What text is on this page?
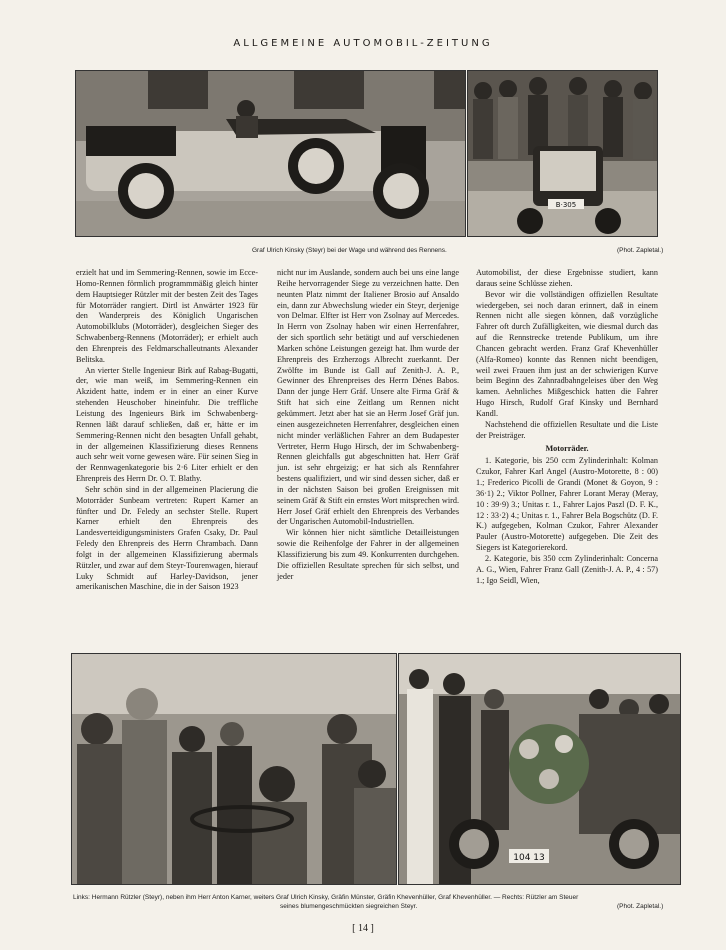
ALLGEMEINE AUTOMOBIL-ZEITUNG
B·305
Graf Ulrich Kinsky (Steyr) bei der Wage und während des Rennens.	(Phot. Zapletal.)

erzielt hat und im Semmering-Rennen, sowie im Ecce-Homo-Rennen förmlich programmmäßig gleich hinter dem Hauptsieger Rützler mit der besten Zeit des Tages für Motorräder rangiert. Dirtl ist Anwärter 1923 für den Wanderpreis des Königlich Ungarischen Automobilklubs (Motorräder), desgleichen Sieger des Schwabenberg-Rennens (Motorräder); er erhielt auch den Ehrenpreis des Feldmarschalleutnants Alexander Belitska.

An vierter Stelle Ingenieur Birk auf Rabag-Bugatti, der, wie man weiß, im Semmering-Rennen ein Akzident hatte, indem er in einer an einer Kurve stehenden Heuschober hineinfuhr. Die treffliche Leistung des Ingenieurs Birk im Schwabenberg-Rennen läßt darauf schließen, daß er, hätte er im Semmering-Rennen nicht den besagten Unfall gehabt, in der allgemeinen Klassifizierung dieses Rennens auch sehr weit vorne gewesen wäre. Für seinen Sieg in der Rennwagenkategorie bis 2·6 Liter erhielt er den Ehrenpreis des Herrn Dr. O. T. Blathy.

Sehr schön sind in der allgemeinen Placierung die Motorräder Sunbeam vertreten: Rupert Karner an fünfter und Dr. Feledy an sechster Stelle. Rupert Karner erhielt den Ehrenpreis des Landesverteidigungsministers Grafen Csaky, Dr. Paul Feledy den Ehrenpreis des Herrn Chrambach. Dann folgt in der allgemeinen Klassifizierung abermals Rützler, und zwar auf dem Steyr-Tourenwagen, hierauf Luky Schmidt auf Harley-Davidson, jener amerikanischen Maschine, die in der Saison 1923

nicht nur im Auslande, sondern auch bei uns eine lange Reihe hervorragender Siege zu verzeichnen hatte. Den neunten Platz nimmt der Italiener Brosio auf Ansaldo ein, dann zur Abwechslung wieder ein Steyr, derjenige von Delmar. Elfter ist Herr von Zsolnay auf Mercedes. In Herrn von Zsolnay haben wir einen Herrenfahrer, der sich sportlich sehr betätigt und auf verschiedenen Marken schöne Leistungen gezeigt hat. Ihm wurde der Ehrenpreis des Erzherzogs Albrecht zuerkannt. Der Zwölfte im Bunde ist Gall auf Zenith-J. A. P., Gewinner des Ehrenpreises des Herrn Dénes Babos. Dann der junge Herr Gräf. Unsere alte Firma Gräf & Stift hat sich eine Zeitlang um Rennen nicht gekümmert. Jetzt aber hat sie an Herrn Josef Gräf jun. einen ausgezeichneten Herrenfahrer, desgleichen einen nicht minder verläßlichen Fahrer an dem Budapester Vertreter, Herrn Hugo Hirsch, der im Schwabenberg-Rennen gleichfalls gut abgeschnitten hat. Herr Gräf jun. ist sehr ehrgeizig; er hat sich als Rennfahrer bestens qualifiziert, und wir sind dessen sicher, daß er in der nächsten Saison bei großen Ereignissen mit seinem Gräf & Stift ein ernstes Wort mitsprechen wird. Herr Josef Gräf erhielt den Ehrenpreis des Verbandes der Ungarischen Automobil-Industriellen.

Wir können hier nicht sämtliche Detailleistungen sowie die Reihenfolge der Fahrer in der allgemeinen Klassifizierung bis zum 49. Konkurrenten durchgehen. Die offiziellen Resultate sprechen für sich selbst, und jeder

Automobilist, der diese Ergebnisse studiert, kann daraus seine Schlüsse ziehen.

Bevor wir die vollständigen offiziellen Resultate wiedergeben, sei noch daran erinnert, daß in einem Rennen nicht alle siegen können, daß vorzügliche Fahrer oft durch Zufälligkeiten, wie diesmal durch das auf die Rennstrecke tretende Publikum, um ihre Chancen gebracht werden. Franz Graf Khevenhüller (Alfa-Romeo) konnte das Rennen nicht beendigen, weil zwei Frauen ihm just an der schwierigen Kurve beim Beginn des Zahnradbahngeleises über den Weg kamen. Aehnliches Mißgeschick hatten die Fahrer Hugo Hirsch, Rudolf Graf Kinsky und Bernhard Kandl.

Nachstehend die offiziellen Resultate und die Liste der Preisträger.

Motorräder.

1. Kategorie, bis 250 ccm Zylinderinhalt: Kolman Czukor, Fahrer Karl Angel (Austro-Motorette, 8 : 00) 1.; Frederico Picolli de Grandi (Monet & Goyon, 9 : 36·1) 2.; Viktor Pollner, Fahrer Lorant Meray (Meray, 10 : 39·9) 3.; Unitas r. 1., Fahrer Lajos Paszl (D. F. K., 12 : 33·2) 4.; Unitas r. 1., Fahrer Bela Bogschütz (D. F. K.) aufgegeben, Kolman Czukor, Fahrer Alexander Pauler (Austro-Motorette) aufgegeben. Die Zeit des Siegers ist Kategorierekord.

2. Kategorie, bis 350 ccm Zylinderinhalt: Concerna A. G., Wien, Fahrer Franz Gall (Zenith-J. A. P., 4 : 57) 1.; Igo Seidl, Wien,

104 13
Links: Hermann Rützler (Steyr), neben ihm Herr Anton Karner, weiters Graf Ulrich Kinsky, Gräfin Münster, Gräfin Khevenhüller, Graf Khevenhüller. — Rechts: Rützler am Steuer
seines blumengeschmückten siegreichen Steyr.	(Phot. Zapletal.)
[ 14 ]
